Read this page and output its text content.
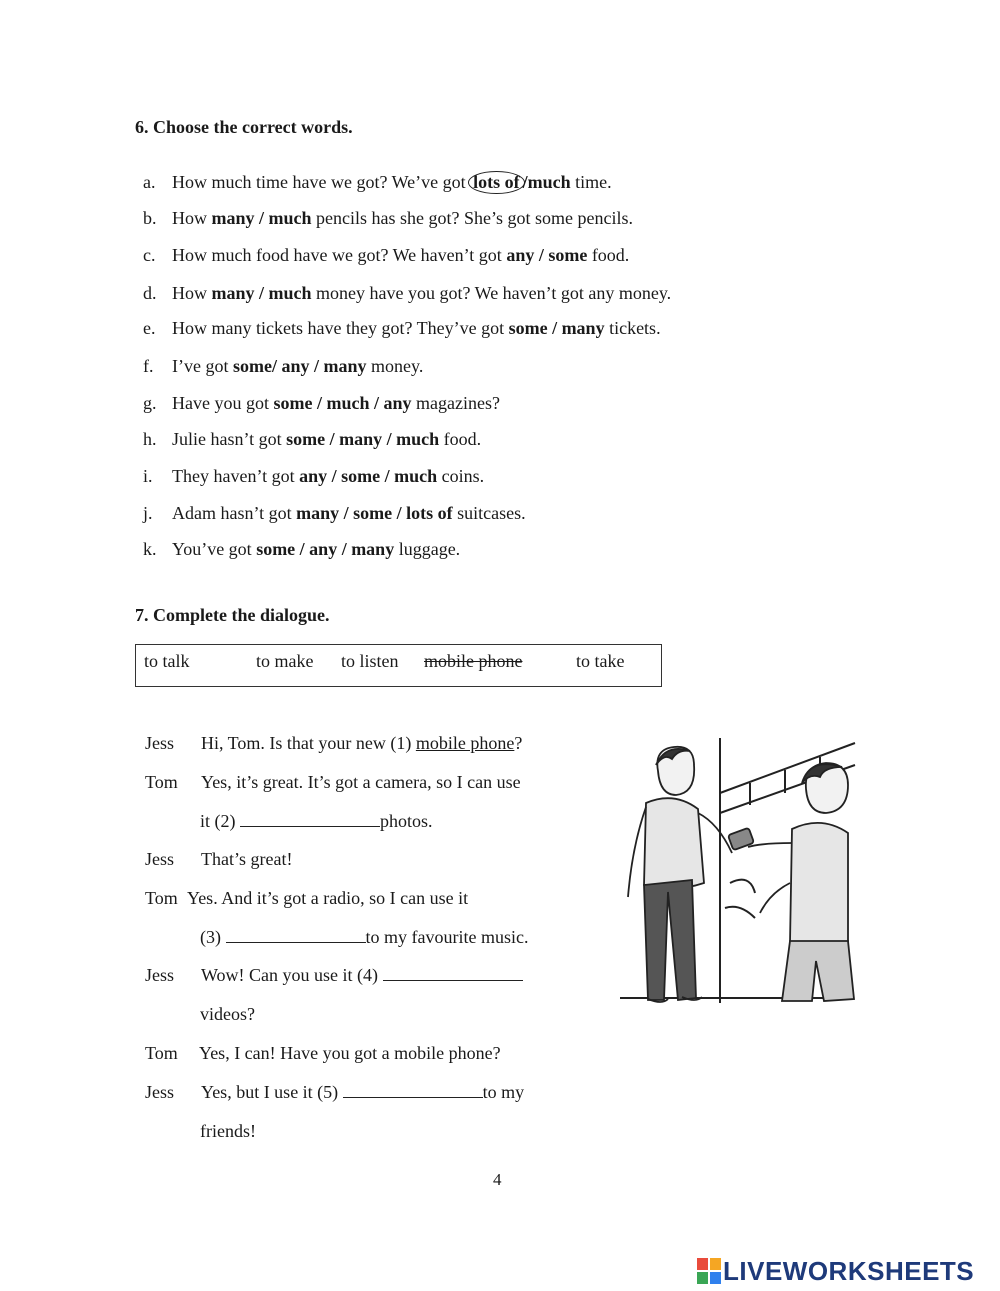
6. Choose the correct words.
a. How much time have we got? We’ve got lots of /much time.
b. How many / much pencils has she got? She’s got some pencils.
c. How much food have we got? We haven’t got any / some food.
d. How many / much money have you got? We haven’t got any money.
e. How many tickets have they got? They’ve got some / many tickets.
f. I’ve got some/ any / many money.
g. Have you got some / much / any magazines?
h. Julie hasn’t got some / many / much food.
i. They haven’t got any / some / much coins.
j. Adam hasn’t got many / some / lots of suitcases.
k. You’ve got some / any / many luggage.
7. Complete the dialogue.
to talk	to make to listen mobile phone	to take
Jess Hi, Tom. Is that your new (1) mobile phone?
Tom Yes, it’s great. It’s got a camera, so I can use
it (2)	photos.
Jess That’s great!
Tom Yes. And it’s got a radio, so I can use it
(3)	to my favourite music.
Jess Wow! Can you use it (4)
videos?
Tom Yes, I can! Have you got a mobile phone?
Jess Yes, but I use it (5)	to my
friends!
4
LIVEWORKSHEETS
